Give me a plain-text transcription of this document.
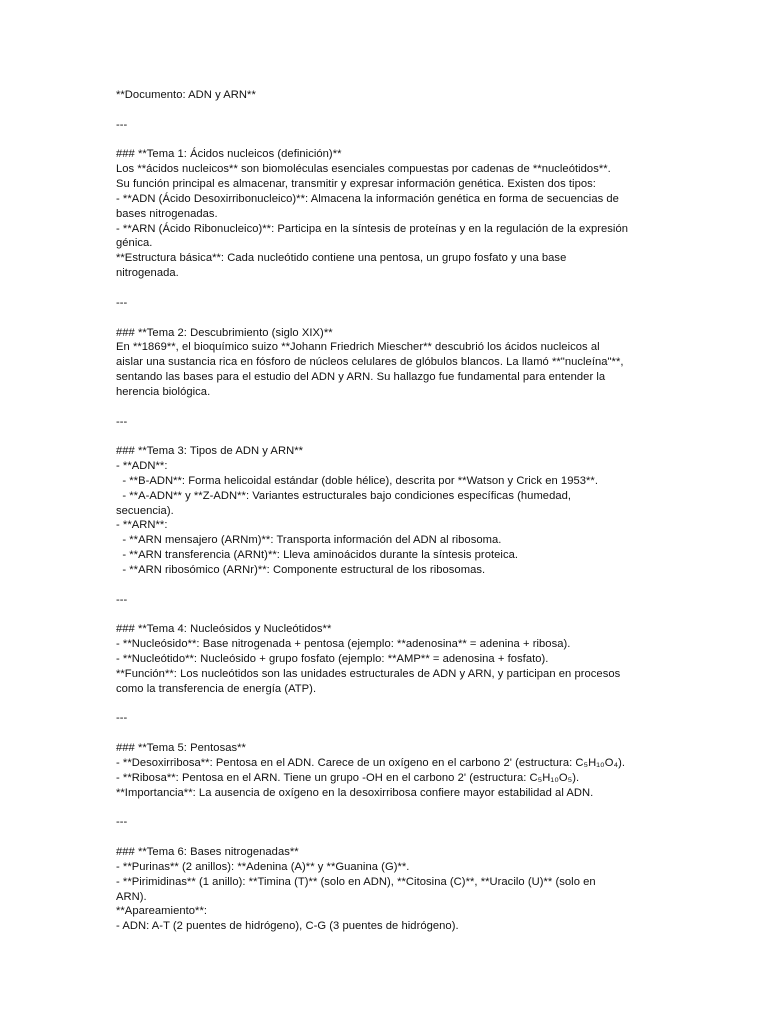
**Documento: ADN y ARN**
---
### **Tema 1: Ácidos nucleicos (definición)**
Los **ácidos nucleicos** son biomoléculas esenciales compuestas por cadenas de **nucleótidos**.
Su función principal es almacenar, transmitir y expresar información genética. Existen dos tipos:
- **ADN (Ácido Desoxirribonucleico)**: Almacena la información genética en forma de secuencias de
bases nitrogenadas.
- **ARN (Ácido Ribonucleico)**: Participa en la síntesis de proteínas y en la regulación de la expresión
génica.
**Estructura básica**: Cada nucleótido contiene una pentosa, un grupo fosfato y una base
nitrogenada.
---
### **Tema 2: Descubrimiento (siglo XIX)**
En **1869**, el bioquímico suizo **Johann Friedrich Miescher** descubrió los ácidos nucleicos al
aislar una sustancia rica en fósforo de núcleos celulares de glóbulos blancos. La llamó **"nucleína"**,
sentando las bases para el estudio del ADN y ARN. Su hallazgo fue fundamental para entender la
herencia biológica.
---
### **Tema 3: Tipos de ADN y ARN**
- **ADN**:
- **B-ADN**: Forma helicoidal estándar (doble hélice), descrita por **Watson y Crick en 1953**.
- **A-ADN** y **Z-ADN**: Variantes estructurales bajo condiciones específicas (humedad,
secuencia).
- **ARN**:
- **ARN mensajero (ARNm)**: Transporta información del ADN al ribosoma.
- **ARN transferencia (ARNt)**: Lleva aminoácidos durante la síntesis proteica.
- **ARN ribosómico (ARNr)**: Componente estructural de los ribosomas.
---
### **Tema 4: Nucleósidos y Nucleótidos**
- **Nucleósido**: Base nitrogenada + pentosa (ejemplo: **adenosina** = adenina + ribosa).
- **Nucleótido**: Nucleósido + grupo fosfato (ejemplo: **AMP** = adenosina + fosfato).
**Función**: Los nucleótidos son las unidades estructurales de ADN y ARN, y participan en procesos
como la transferencia de energía (ATP).
---
### **Tema 5: Pentosas**
- **Desoxirribosa**: Pentosa en el ADN. Carece de un oxígeno en el carbono 2' (estructura: C₅H₁₀O₄).
- **Ribosa**: Pentosa en el ARN. Tiene un grupo -OH en el carbono 2' (estructura: C₅H₁₀O₅).
**Importancia**: La ausencia de oxígeno en la desoxirribosa confiere mayor estabilidad al ADN.
---
### **Tema 6: Bases nitrogenadas**
- **Purinas** (2 anillos): **Adenina (A)** y **Guanina (G)**.
- **Pirimidinas** (1 anillo): **Timina (T)** (solo en ADN), **Citosina (C)**, **Uracilo (U)** (solo en
ARN).
**Apareamiento**:
- ADN: A-T (2 puentes de hidrógeno), C-G (3 puentes de hidrógeno).
